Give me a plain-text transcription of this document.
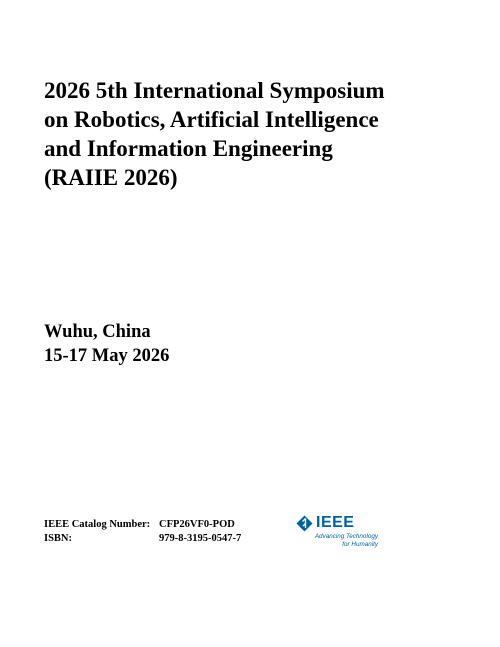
2026 5th International Symposium
on Robotics, Artificial Intelligence
and Information Engineering
(RAIIE 2026)
Wuhu, China
15-17 May 2026
IEEE Catalog Number: CFP26VF0-POD
ISBN:	979-8-3195-0547-7
IEEE
Advancing Technology
for Humanity
